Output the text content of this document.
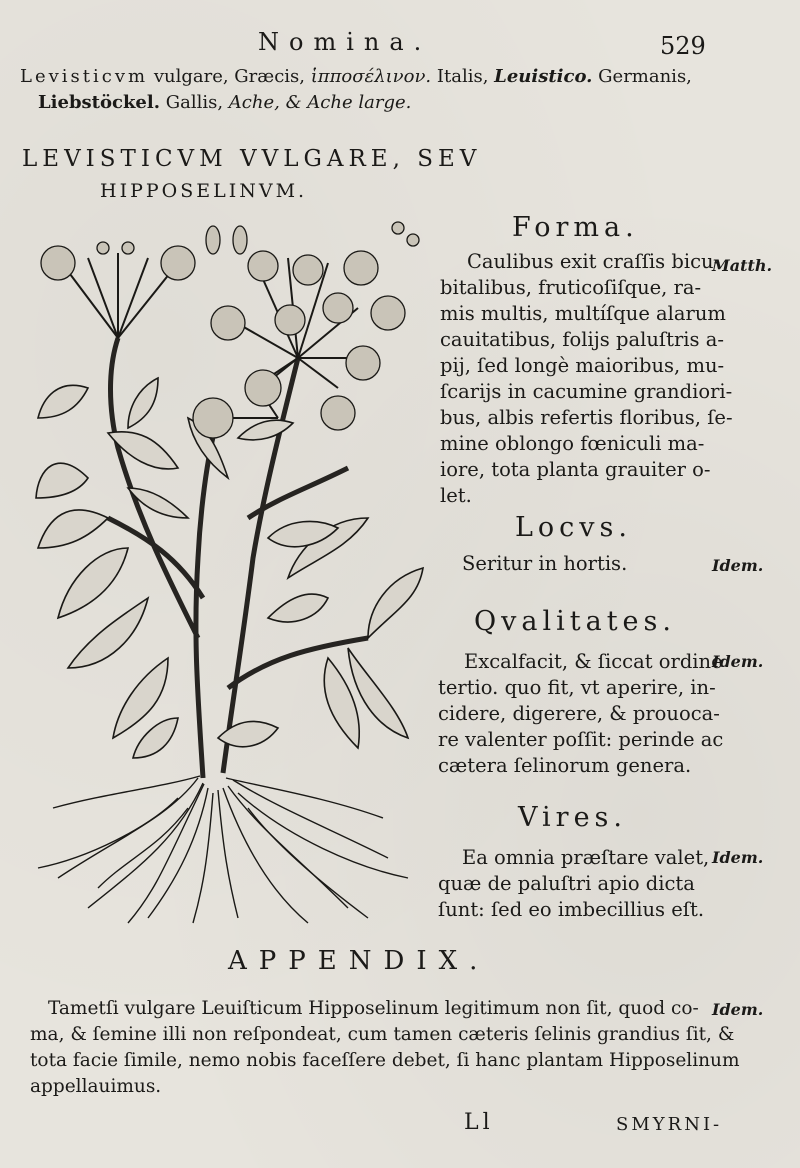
Nomina.	529
Levisticvm vulgare, Græcis, ἱπποσέλινον. Italis, Leuistico. Germanis,
Liebstöckel. Gallis, Ache, & Ache large.
LEVISTICVM VVLGARE, SEV
HIPPOSELINVM.
Forma.
Matth.
Caulibus exit craſſis bicu-
bitalibus, fruticoſiſque, ra-
mis multis, multíſque alarum
cauitatibus, folijs paluſtris a-
pij, ſed longè maioribus, mu-
ſcarijs in cacumine grandiori-
bus, albis refertis floribus, ſe-
mine oblongo fœniculi ma-
iore, tota planta grauiter o-
let.
Locvs.
Seritur in hortis.	Idem.
Qvalitates.
Excalfacit, & ſiccat ordine
Idem.
tertio. quo fit, vt aperire, in-
cidere, digerere, & prouoca-
re valenter poſſit: perinde ac
cætera ſelinorum genera.
Vires.
Ea omnia præſtare valet, Idem.
quæ de paluſtri apio dicta
ſunt: ſed eo imbecillius eſt.
APPENDIX.
Tametſi vulgare Leuiſticum Hipposelinum legitimum non ſit, quod co- Idem.
ma, & ſemine illi non reſpondeat, cum tamen cæteris ſelinis grandius ſit, &
tota facie ſimile, nemo nobis faceſſere debet, ſi hanc plantam Hipposelinum
appellauimus.
Ll	SMYRNI-
